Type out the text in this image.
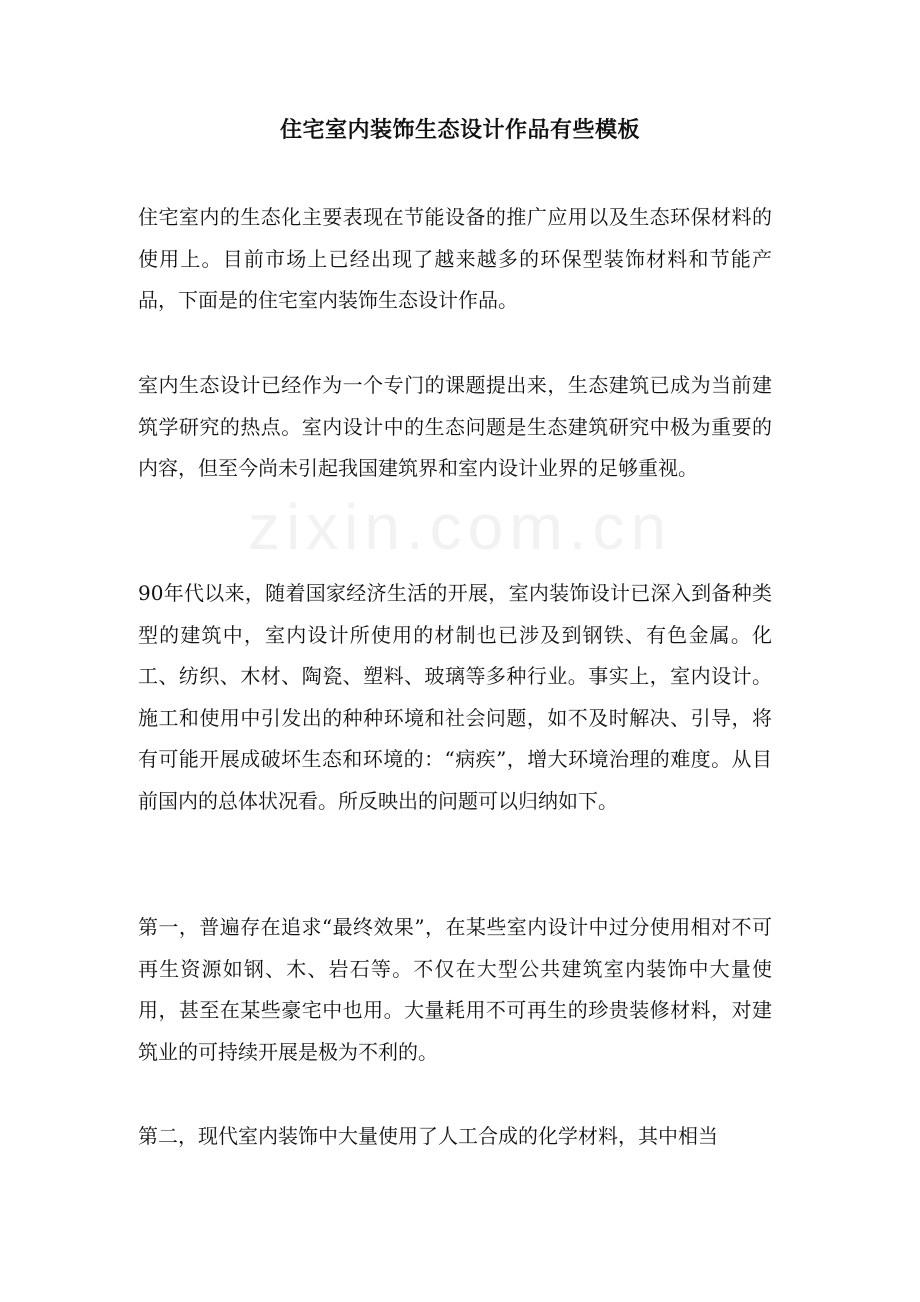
住宅室内装饰生态设计作品有些模板

住宅室内的生态化主要表现在节能设备的推广应用以及生态环保材料的使用上。目前市场上已经出现了越来越多的环保型装饰材料和节能产品，下面是的住宅室内装饰生态设计作品。

室内生态设计已经作为一个专门的课题提出来，生态建筑已成为当前建筑学研究的热点。室内设计中的生态问题是生态建筑研究中极为重要的内容，但至今尚未引起我国建筑界和室内设计业界的足够重视。

zixin.com.cn

90年代以来，随着国家经济生活的开展，室内装饰设计已深入到备种类型的建筑中，室内设计所使用的材制也已涉及到钢铁、有色金属。化工、纺织、木材、陶瓷、塑料、玻璃等多种行业。事实上，室内设计。施工和使用中引发出的种种环境和社会问题，如不及时解决、引导，将有可能开展成破坏生态和环境的：“病疾”，增大环境治理的难度。从目前国内的总体状况看。所反映出的问题可以归纳如下。

第一，普遍存在追求“最终效果”，在某些室内设计中过分使用相对不可再生资源如钢、木、岩石等。不仅在大型公共建筑室内装饰中大量使用，甚至在某些豪宅中也用。大量耗用不可再生的珍贵装修材料，对建筑业的可持续开展是极为不利的。

第二，现代室内装饰中大量使用了人工合成的化学材料，其中相当
